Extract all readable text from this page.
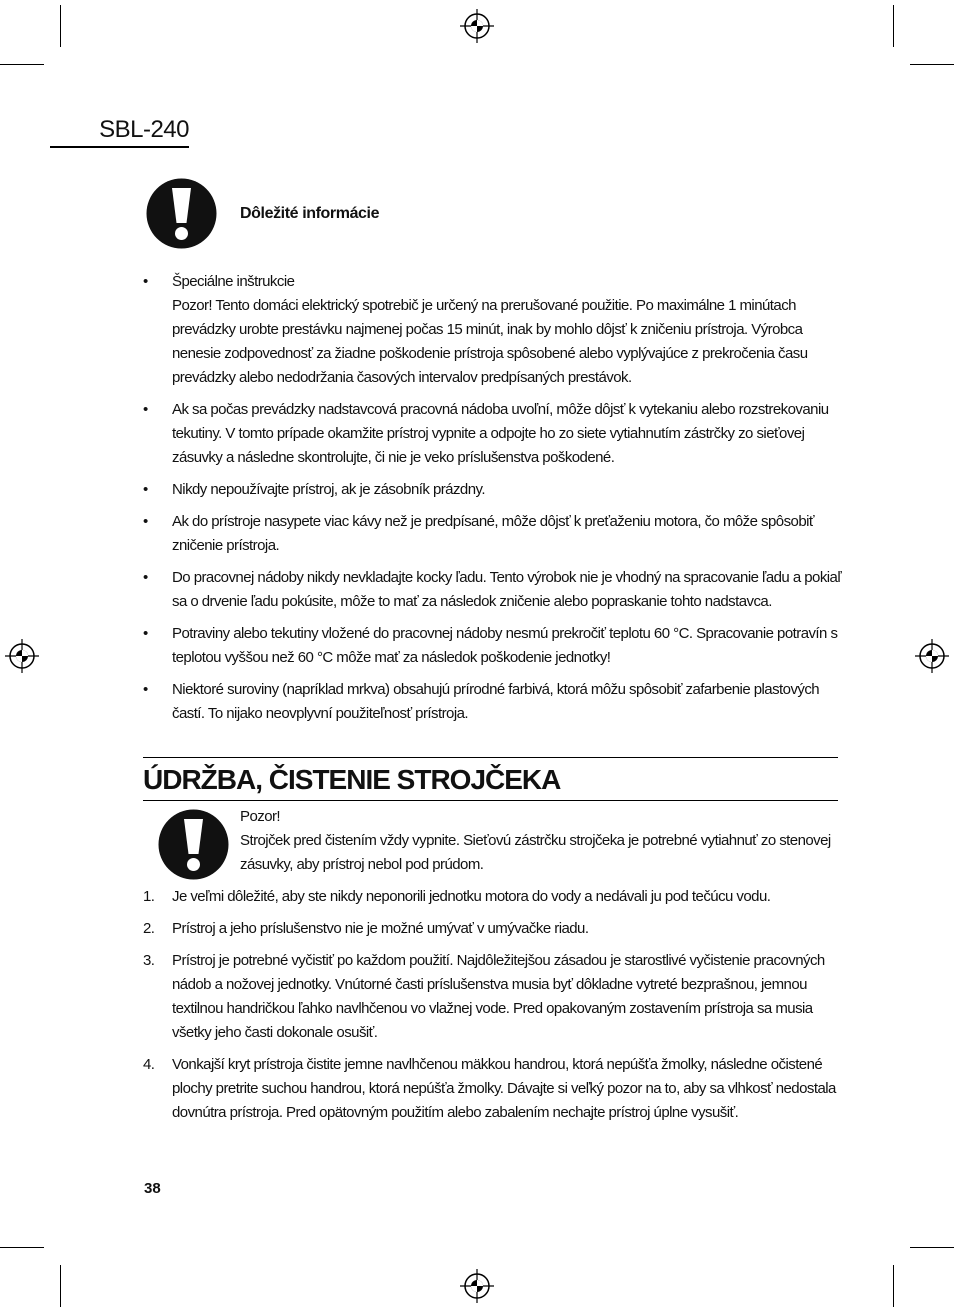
SBL-240
Dôležité informácie
• Špeciálne inštrukcie
Pozor! Tento domáci elektrický spotrebič je určený na prerušované použitie. Po maximálne 1 minútach prevádzky urobte prestávku najmenej počas 15 minút, inak by mohlo dôjsť k zničeniu prístroja. Výrobca nenesie zodpovednosť za žiadne poškodenie prístroja spôsobené alebo vyplývajúce z prekročenia času prevádzky alebo nedodržania časových intervalov predpísaných prestávok.
• Ak sa počas prevádzky nadstavcová pracovná nádoba uvoľní, môže dôjsť k vytekaniu alebo rozstrekovaniu tekutiny. V tomto prípade okamžite prístroj vypnite a odpojte ho zo siete vytiahnutím zástrčky zo sieťovej zásuvky a následne skontrolujte, či nie je veko príslušenstva poškodené.
• Nikdy nepoužívajte prístroj, ak je zásobník prázdny.
• Ak do prístroje nasypete viac kávy než je predpísané, môže dôjsť k preťaženiu motora, čo môže spôsobiť zničenie prístroja.
• Do pracovnej nádoby nikdy nevkladajte kocky ľadu. Tento výrobok nie je vhodný na spracovanie ľadu a pokiaľ sa o drvenie ľadu pokúsite, môže to mať za následok zničenie alebo popraskanie tohto nadstavca.
• Potraviny alebo tekutiny vložené do pracovnej nádoby nesmú prekročiť teplotu 60 °C. Spracovanie potravín s teplotou vyššou než 60 °C môže mať za následok poškodenie jednotky!
• Niektoré suroviny (napríklad mrkva) obsahujú prírodné farbivá, ktorá môžu spôsobiť zafarbenie plastových častí. To nijako neovplyvní použiteľnosť prístroja.
ÚDRŽBA, ČISTENIE STROJČEKA
Pozor!
Strojček pred čistením vždy vypnite. Sieťovú zástrčku strojčeka je potrebné vytiahnuť zo stenovej zásuvky, aby prístroj nebol pod prúdom.
1. Je veľmi dôležité, aby ste nikdy neponorili jednotku motora do vody a nedávali ju pod tečúcu vodu.
2. Prístroj a jeho príslušenstvo nie je možné umývať v umývačke riadu.
3. Prístroj je potrebné vyčistiť po každom použití. Najdôležitejšou zásadou je starostlivé vyčistenie pracovných nádob a nožovej jednotky. Vnútorné časti príslušenstva musia byť dôkladne vytreté bezprašnou, jemnou textilnou handričkou ľahko navlhčenou vo vlažnej vode. Pred opakovaným zostavením prístroja sa musia všetky jeho časti dokonale osušiť.
4. Vonkajší kryt prístroja čistite jemne navlhčenou mäkkou handrou, ktorá nepúšťa žmolky, následne očistené plochy pretrite suchou handrou, ktorá nepúšťa žmolky. Dávajte si veľký pozor na to, aby sa vlhkosť nedostala dovnútra prístroja. Pred opätovným použitím alebo zabalením nechajte prístroj úplne vysušiť.
38
